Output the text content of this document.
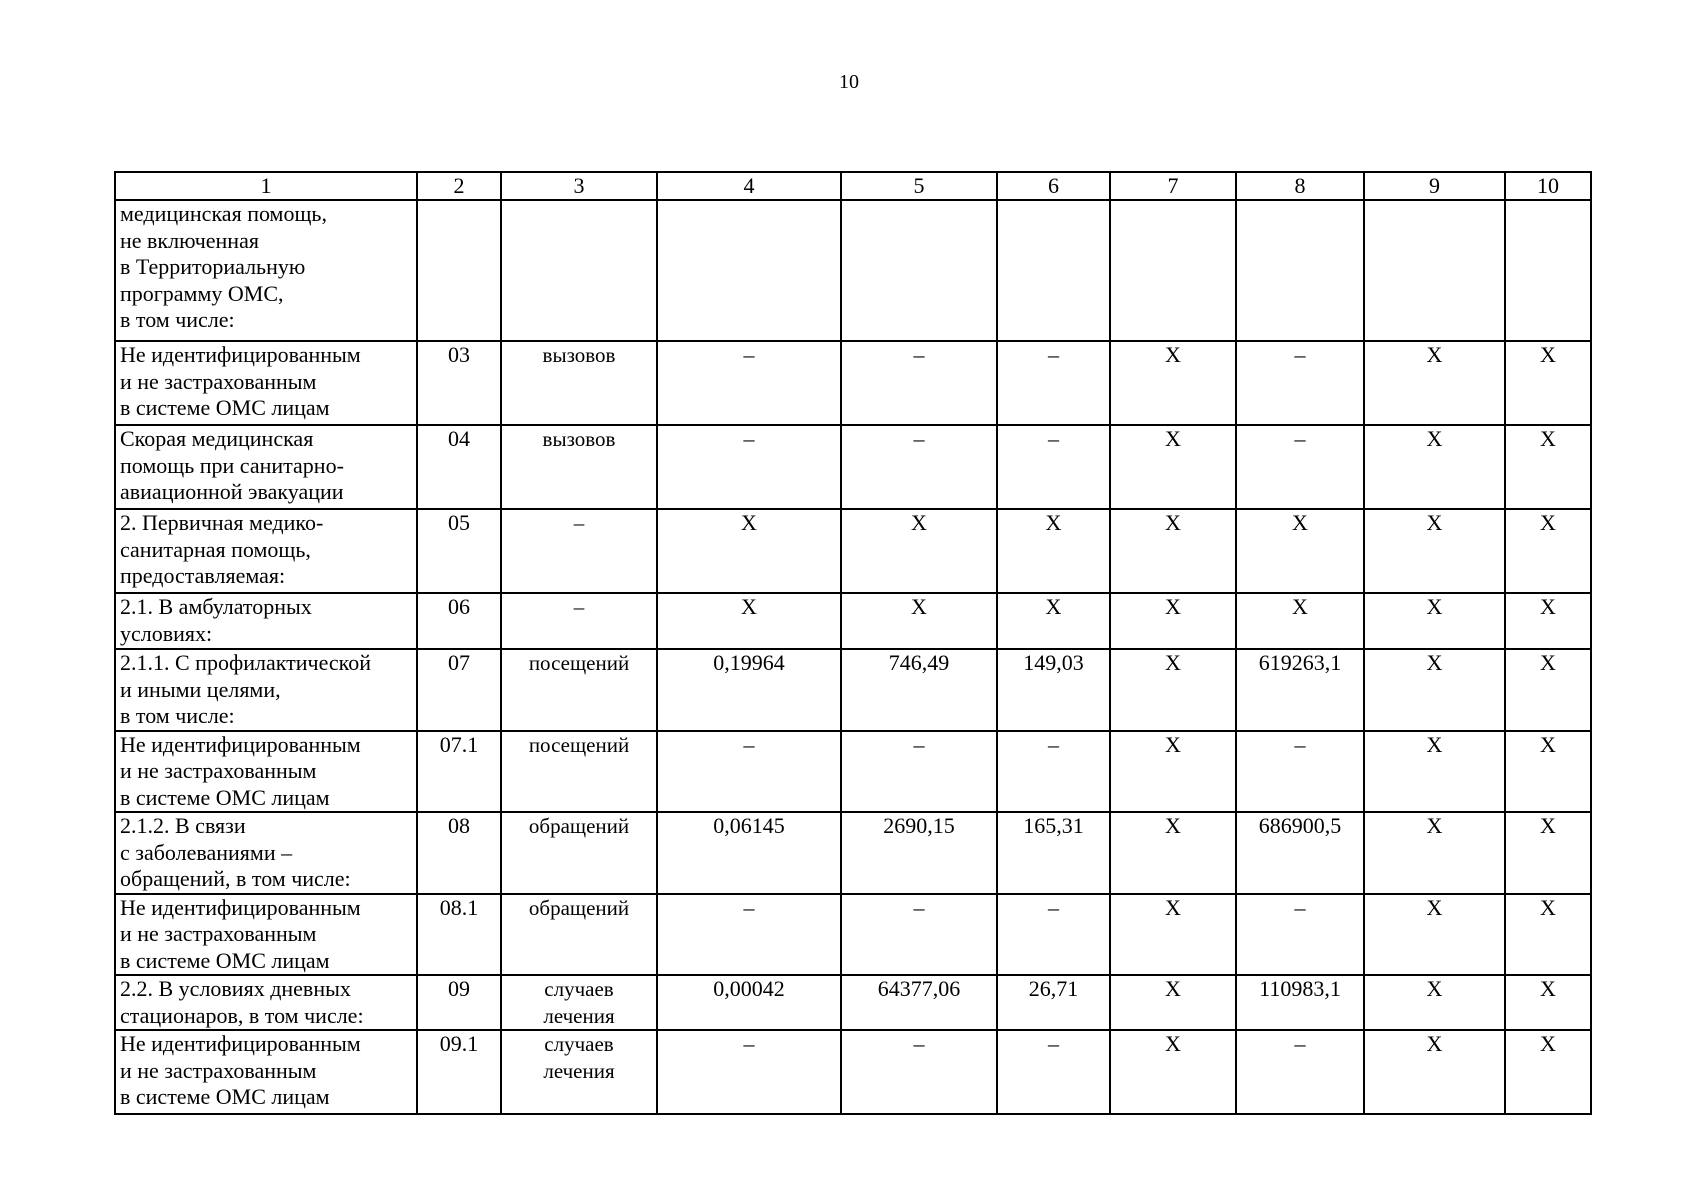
10
1	2	3	4	5	6	7	8	9	10

медицинская помощь,
не включенная
в Территориальную
программу ОМС,
в том числе:									

Не идентифицированным
и не застрахованным
в системе ОМС лицам	03	вызовов	–	–	–	X	–	X	X

Скорая медицинская
помощь при санитарно-
авиационной эвакуации	04	вызовов	–	–	–	X	–	X	X

2. Первичная медико-
санитарная помощь,
предоставляемая:	05	–	X	X	X	X	X	X	X

2.1. В амбулаторных
условиях:	06	–	X	X	X	X	X	X	X

2.1.1. С профилактической
и иными целями,
в том числе:	07	посещений	0,19964	746,49	149,03	X	619263,1	X	X

Не идентифицированным
и не застрахованным
в системе ОМС лицам	07.1	посещений	–	–	–	X	–	X	X

2.1.2. В связи
с заболеваниями –
обращений, в том числе:	08	обращений	0,06145	2690,15	165,31	X	686900,5	X	X

Не идентифицированным
и не застрахованным
в системе ОМС лицам	08.1	обращений	–	–	–	X	–	X	X

2.2. В условиях дневных
стационаров, в том числе:	09	случаев
лечения	0,00042	64377,06	26,71	X	110983,1	X	X

Не идентифицированным
и не застрахованным
в системе ОМС лицам	09.1	случаев
лечения	–	–	–	X	–	X	X
